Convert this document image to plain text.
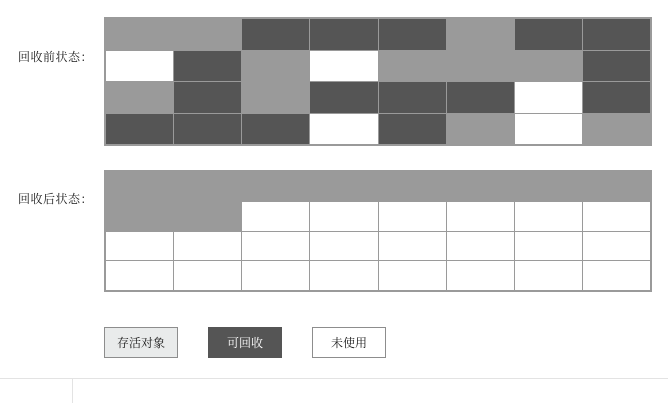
回收前状态：
回收后状态：
存活对象	可回收	未使用
